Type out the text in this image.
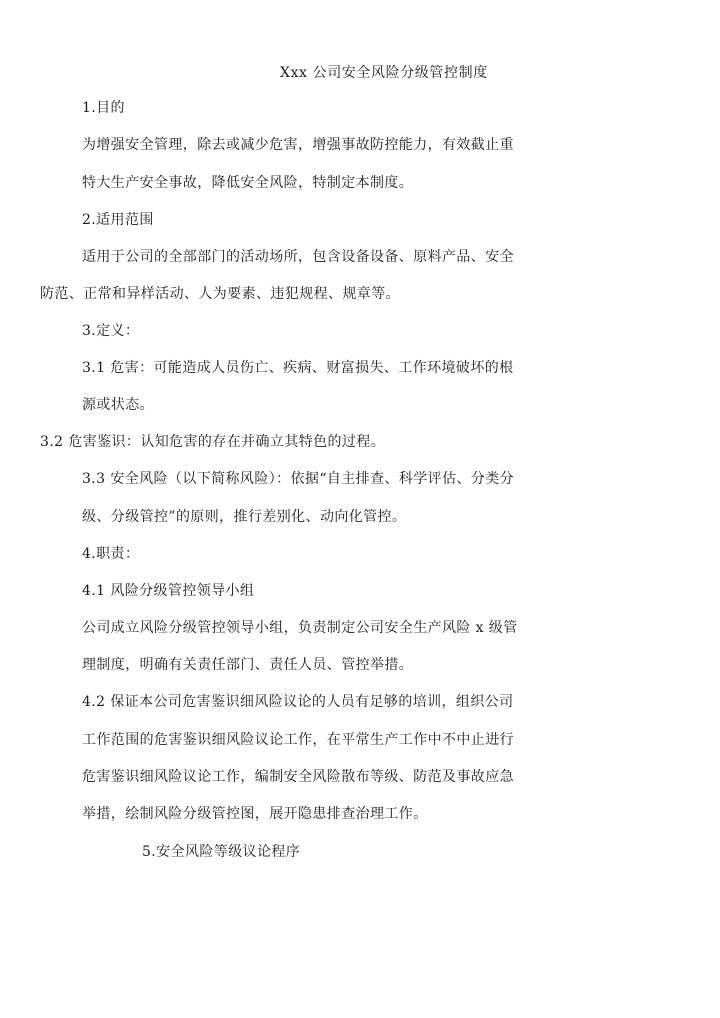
Xxx 公司安全风险分级管控制度
1.目的
为增强安全管理，除去或减少危害，增强事故防控能力，有效截止重
特大生产安全事故，降低安全风险，特制定本制度。
2.适用范围
适用于公司的全部部门的活动场所，包含设备设备、原料产品、安全
防范、正常和异样活动、人为要素、违犯规程、规章等。
3.定义：
3.1 危害：可能造成人员伤亡、疾病、财富损失、工作环境破坏的根
源或状态。
3.2 危害鉴识：认知危害的存在并确立其特色的过程。
3.3 安全风险（以下简称风险）：依据“自主排查、科学评估、分类分
级、分级管控”的原则，推行差别化、动向化管控。
4.职责：
4.1 风险分级管控领导小组
公司成立风险分级管控领导小组，负责制定公司安全生产风险 x 级管
理制度，明确有关责任部门、责任人员、管控举措。
4.2 保证本公司危害鉴识细风险议论的人员有足够的培训，组织公司
工作范围的危害鉴识细风险议论工作，在平常生产工作中不中止进行
危害鉴识细风险议论工作，编制安全风险散布等级、防范及事故应急
举措，绘制风险分级管控图，展开隐患排查治理工作。
5.安全风险等级议论程序
